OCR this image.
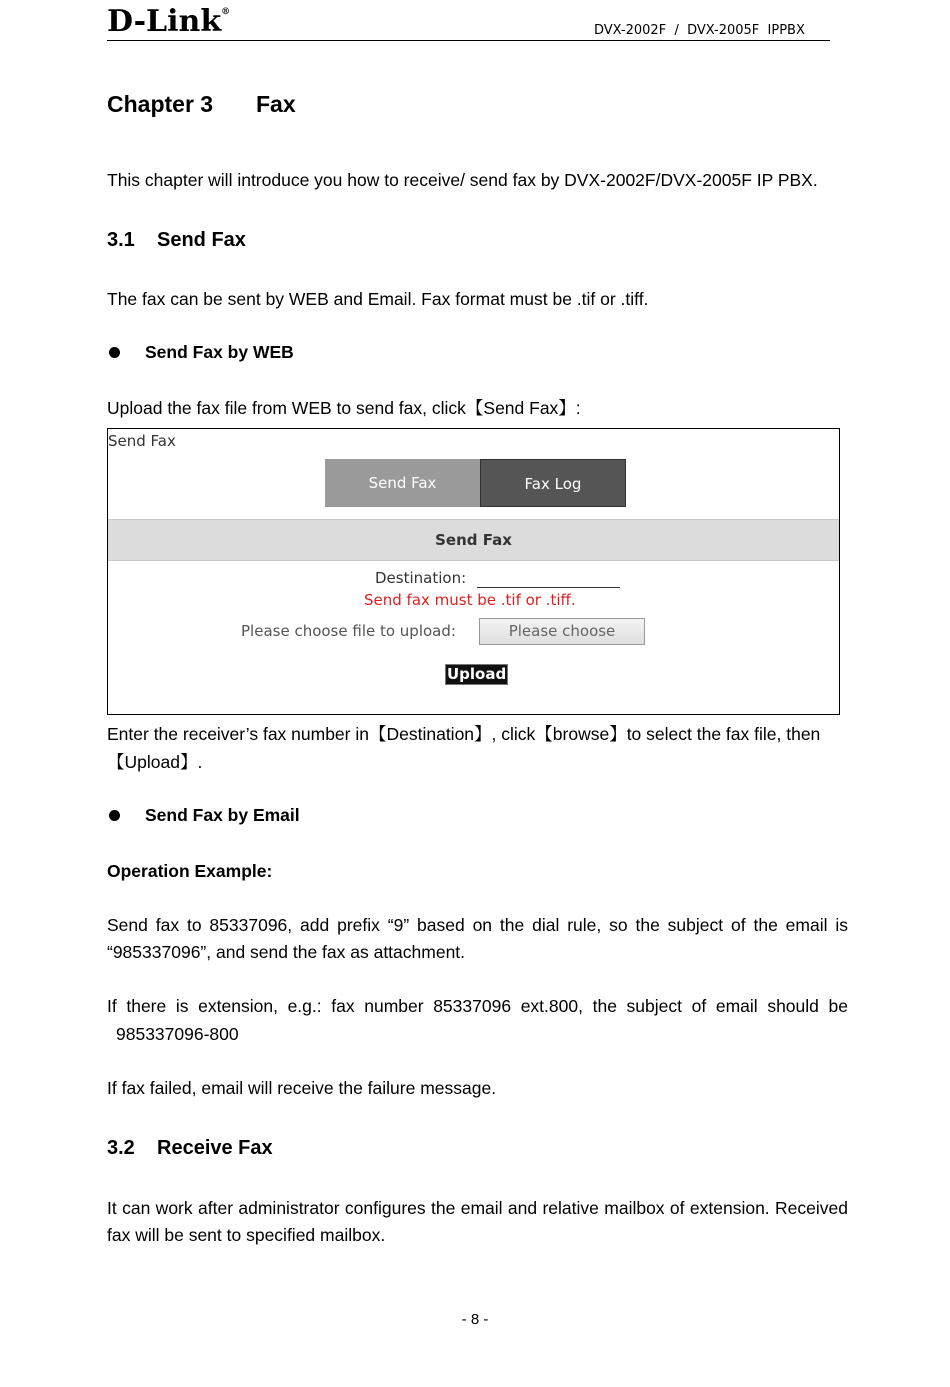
D-Link®
DVX-2002F  /  DVX-2005F  IPPBX
Chapter 3 Fax

This chapter will introduce you how to receive/ send fax by DVX-2002F/DVX-2005F IP PBX.

3.1 Send Fax

The fax can be sent by WEB and Email. Fax format must be .tif or .tiff.

Send Fax by WEB

Upload the fax file from WEB to send fax, click【Send Fax】:

Send Fax
Send Fax	Fax Log
Send Fax
Destination:
Send fax must be .tif or .tiff.
Please choose file to upload:	Please choose
Upload

Enter the receiver’s fax number in【Destination】, click【browse】to select the fax file, then

【Upload】.

Send Fax by Email

Operation Example:

Send fax to 85337096, add prefix “9” based on the dial rule, so the subject of the email is “985337096”, and send the fax as attachment.

If there is extension, e.g.: fax number 85337096 ext.800, the subject of email should be

985337096-800

If fax failed, email will receive the failure message.

3.2 Receive Fax

It can work after administrator configures the email and relative mailbox of extension. Received fax will be sent to specified mailbox.

- 8 -
